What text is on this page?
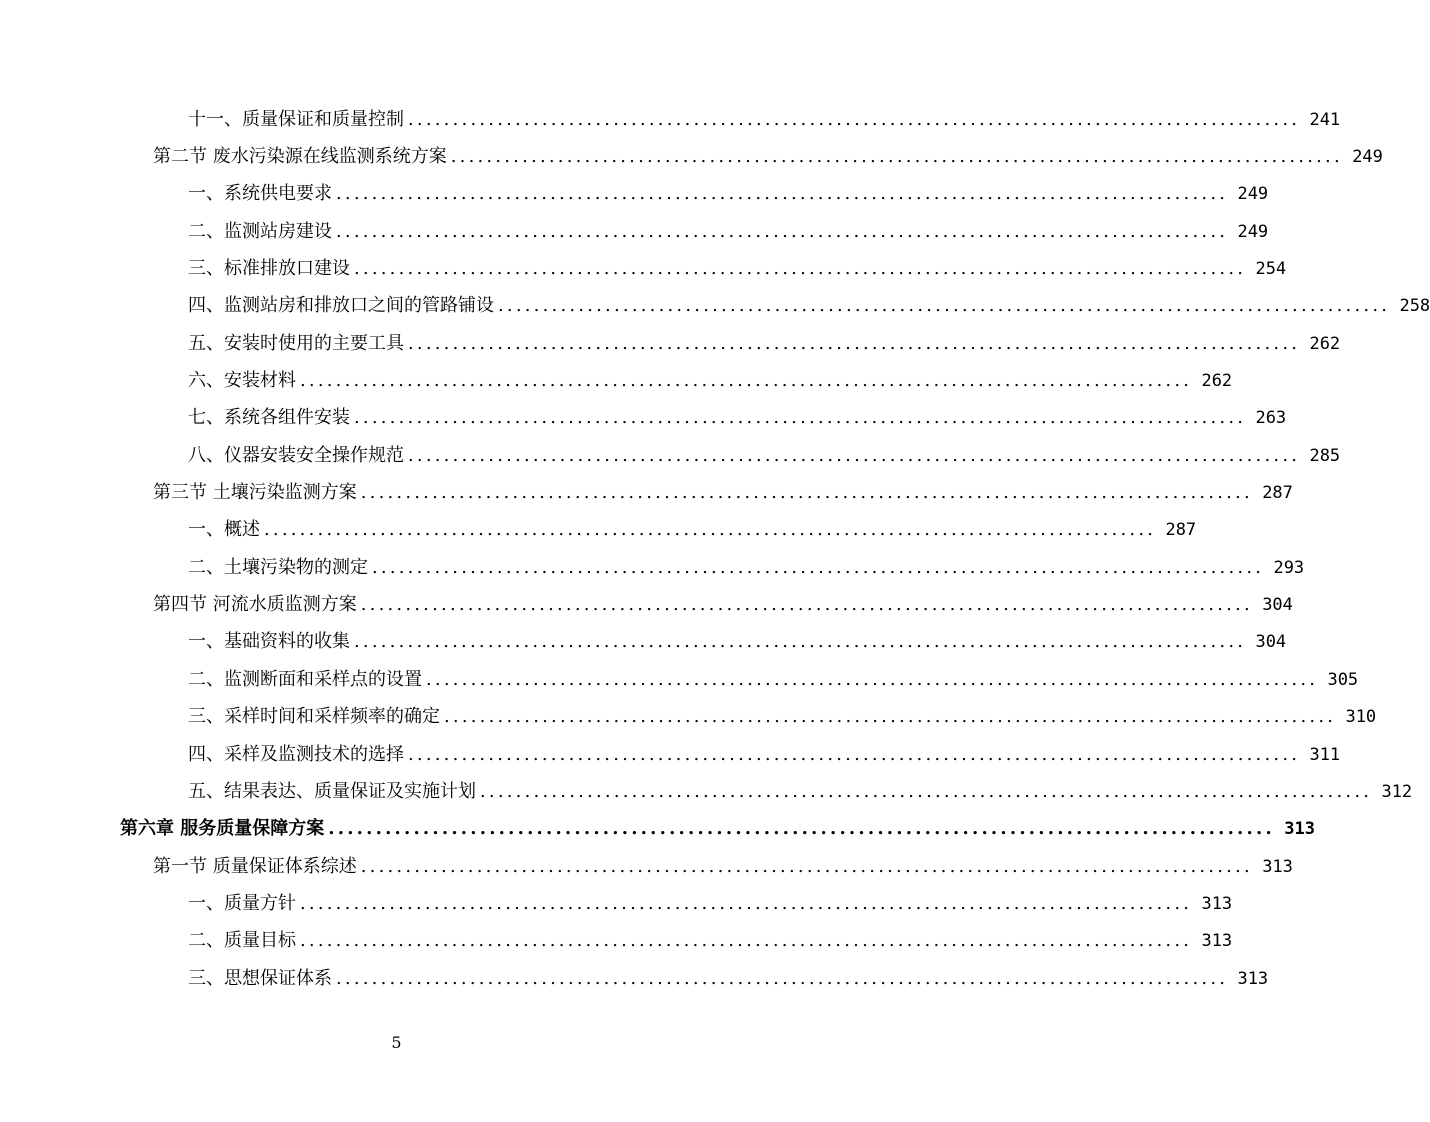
十一、质量保证和质量控制 .................................................................................................... 241
第二节 废水污染源在线监测系统方案 .................................................................................................... 249
一、系统供电要求 .................................................................................................... 249
二、监测站房建设 .................................................................................................... 249
三、标准排放口建设 .................................................................................................... 254
四、监测站房和排放口之间的管路铺设 .................................................................................................... 258
五、安装时使用的主要工具 .................................................................................................... 262
六、安装材料 .................................................................................................... 262
七、系统各组件安装 .................................................................................................... 263
八、仪器安装安全操作规范 .................................................................................................... 285
第三节 土壤污染监测方案 .................................................................................................... 287
一、概述 .................................................................................................... 287
二、土壤污染物的测定 .................................................................................................... 293
第四节 河流水质监测方案 .................................................................................................... 304
一、基础资料的收集 .................................................................................................... 304
二、监测断面和采样点的设置 .................................................................................................... 305
三、采样时间和采样频率的确定 .................................................................................................... 310
四、采样及监测技术的选择 .................................................................................................... 311
五、结果表达、质量保证及实施计划 .................................................................................................... 312
第六章 服务质量保障方案 .................................................................................................... 313
第一节 质量保证体系综述 .................................................................................................... 313
一、质量方针 .................................................................................................... 313
二、质量目标 .................................................................................................... 313
三、思想保证体系 .................................................................................................... 313
5
